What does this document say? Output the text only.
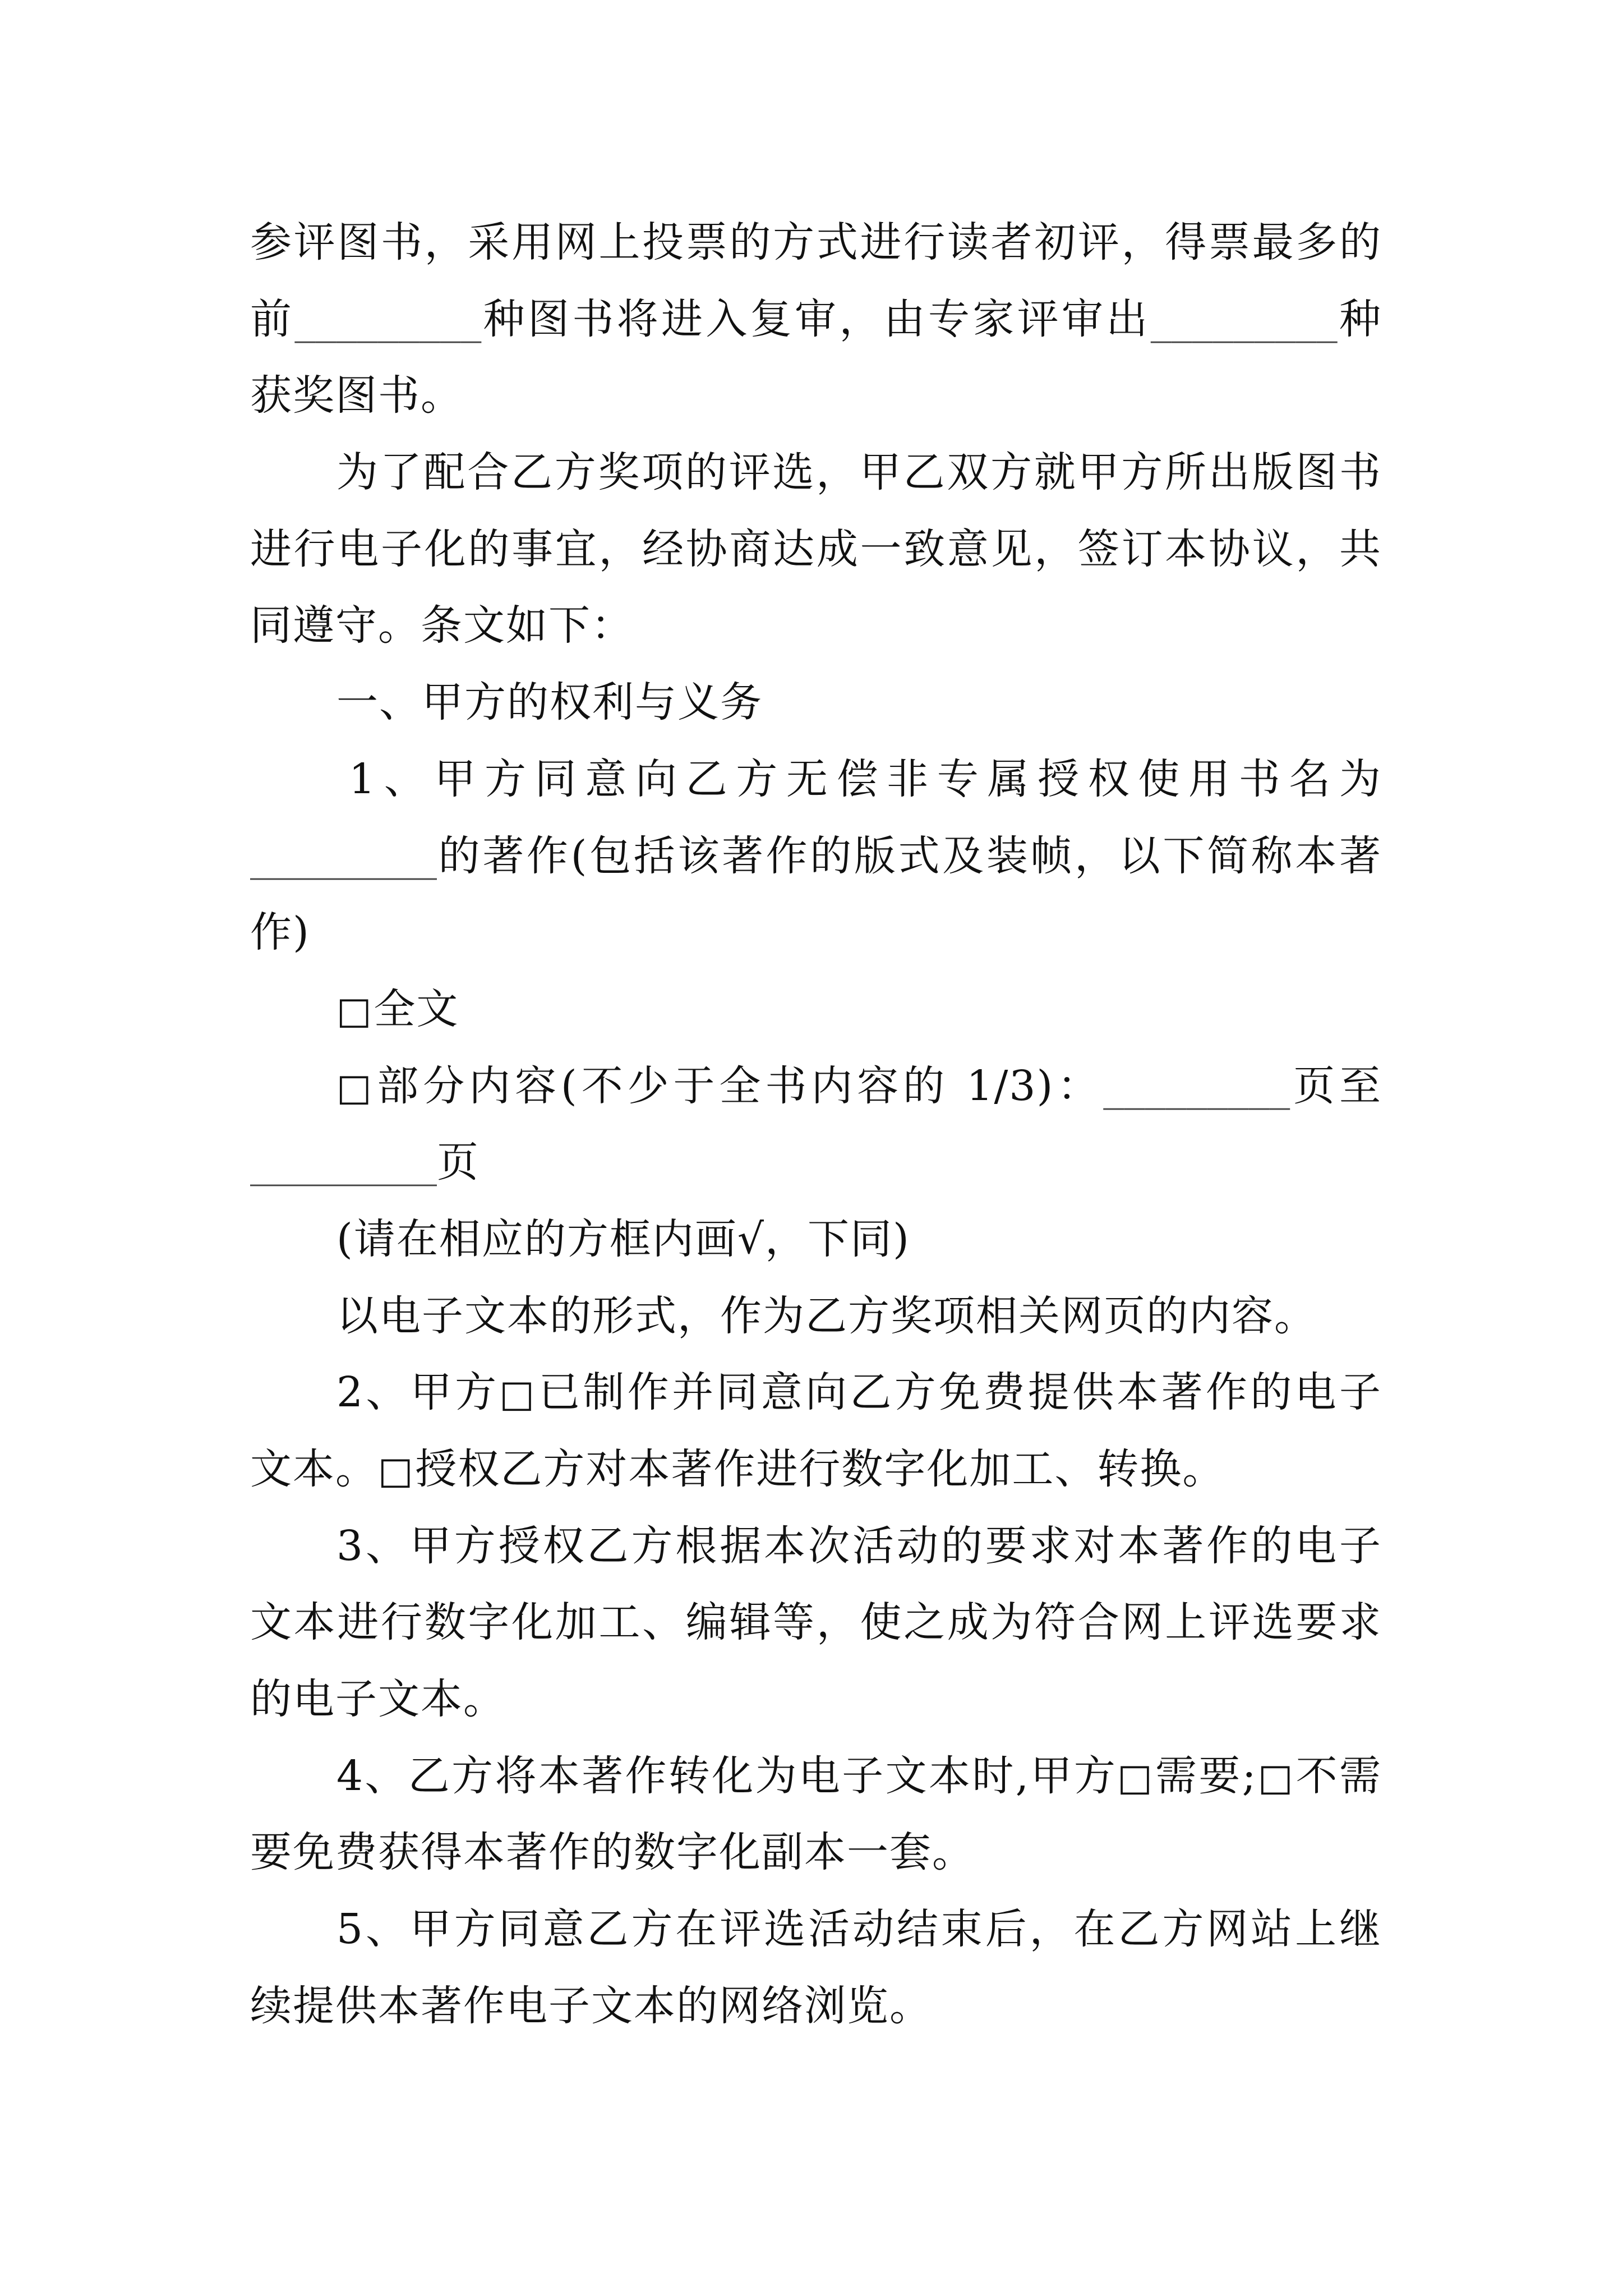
参评图书，采用网上投票的方式进行读者初评，得票最多的
前_________种图书将进入复审，由专家评审出_________种
获奖图书。
为了配合乙方奖项的评选，甲乙双方就甲方所出版图书
进行电子化的事宜，经协商达成一致意见，签订本协议，共
同遵守。条文如下：
一、甲方的权利与义务
1、甲方同意向乙方无偿非专属授权使用书名为
_________的著作(包括该著作的版式及装帧，以下简称本著
作)
□全文
□部分内容(不少于全书内容的 1/3)：_________页至
_________页
(请在相应的方框内画√，下同)
以电子文本的形式，作为乙方奖项相关网页的内容。
2、甲方□已制作并同意向乙方免费提供本著作的电子
文本。□授权乙方对本著作进行数字化加工、转换。
3、甲方授权乙方根据本次活动的要求对本著作的电子
文本进行数字化加工、编辑等，使之成为符合网上评选要求
的电子文本。
4、乙方将本著作转化为电子文本时,甲方□需要;□不需
要免费获得本著作的数字化副本一套。
5、甲方同意乙方在评选活动结束后，在乙方网站上继
续提供本著作电子文本的网络浏览。
